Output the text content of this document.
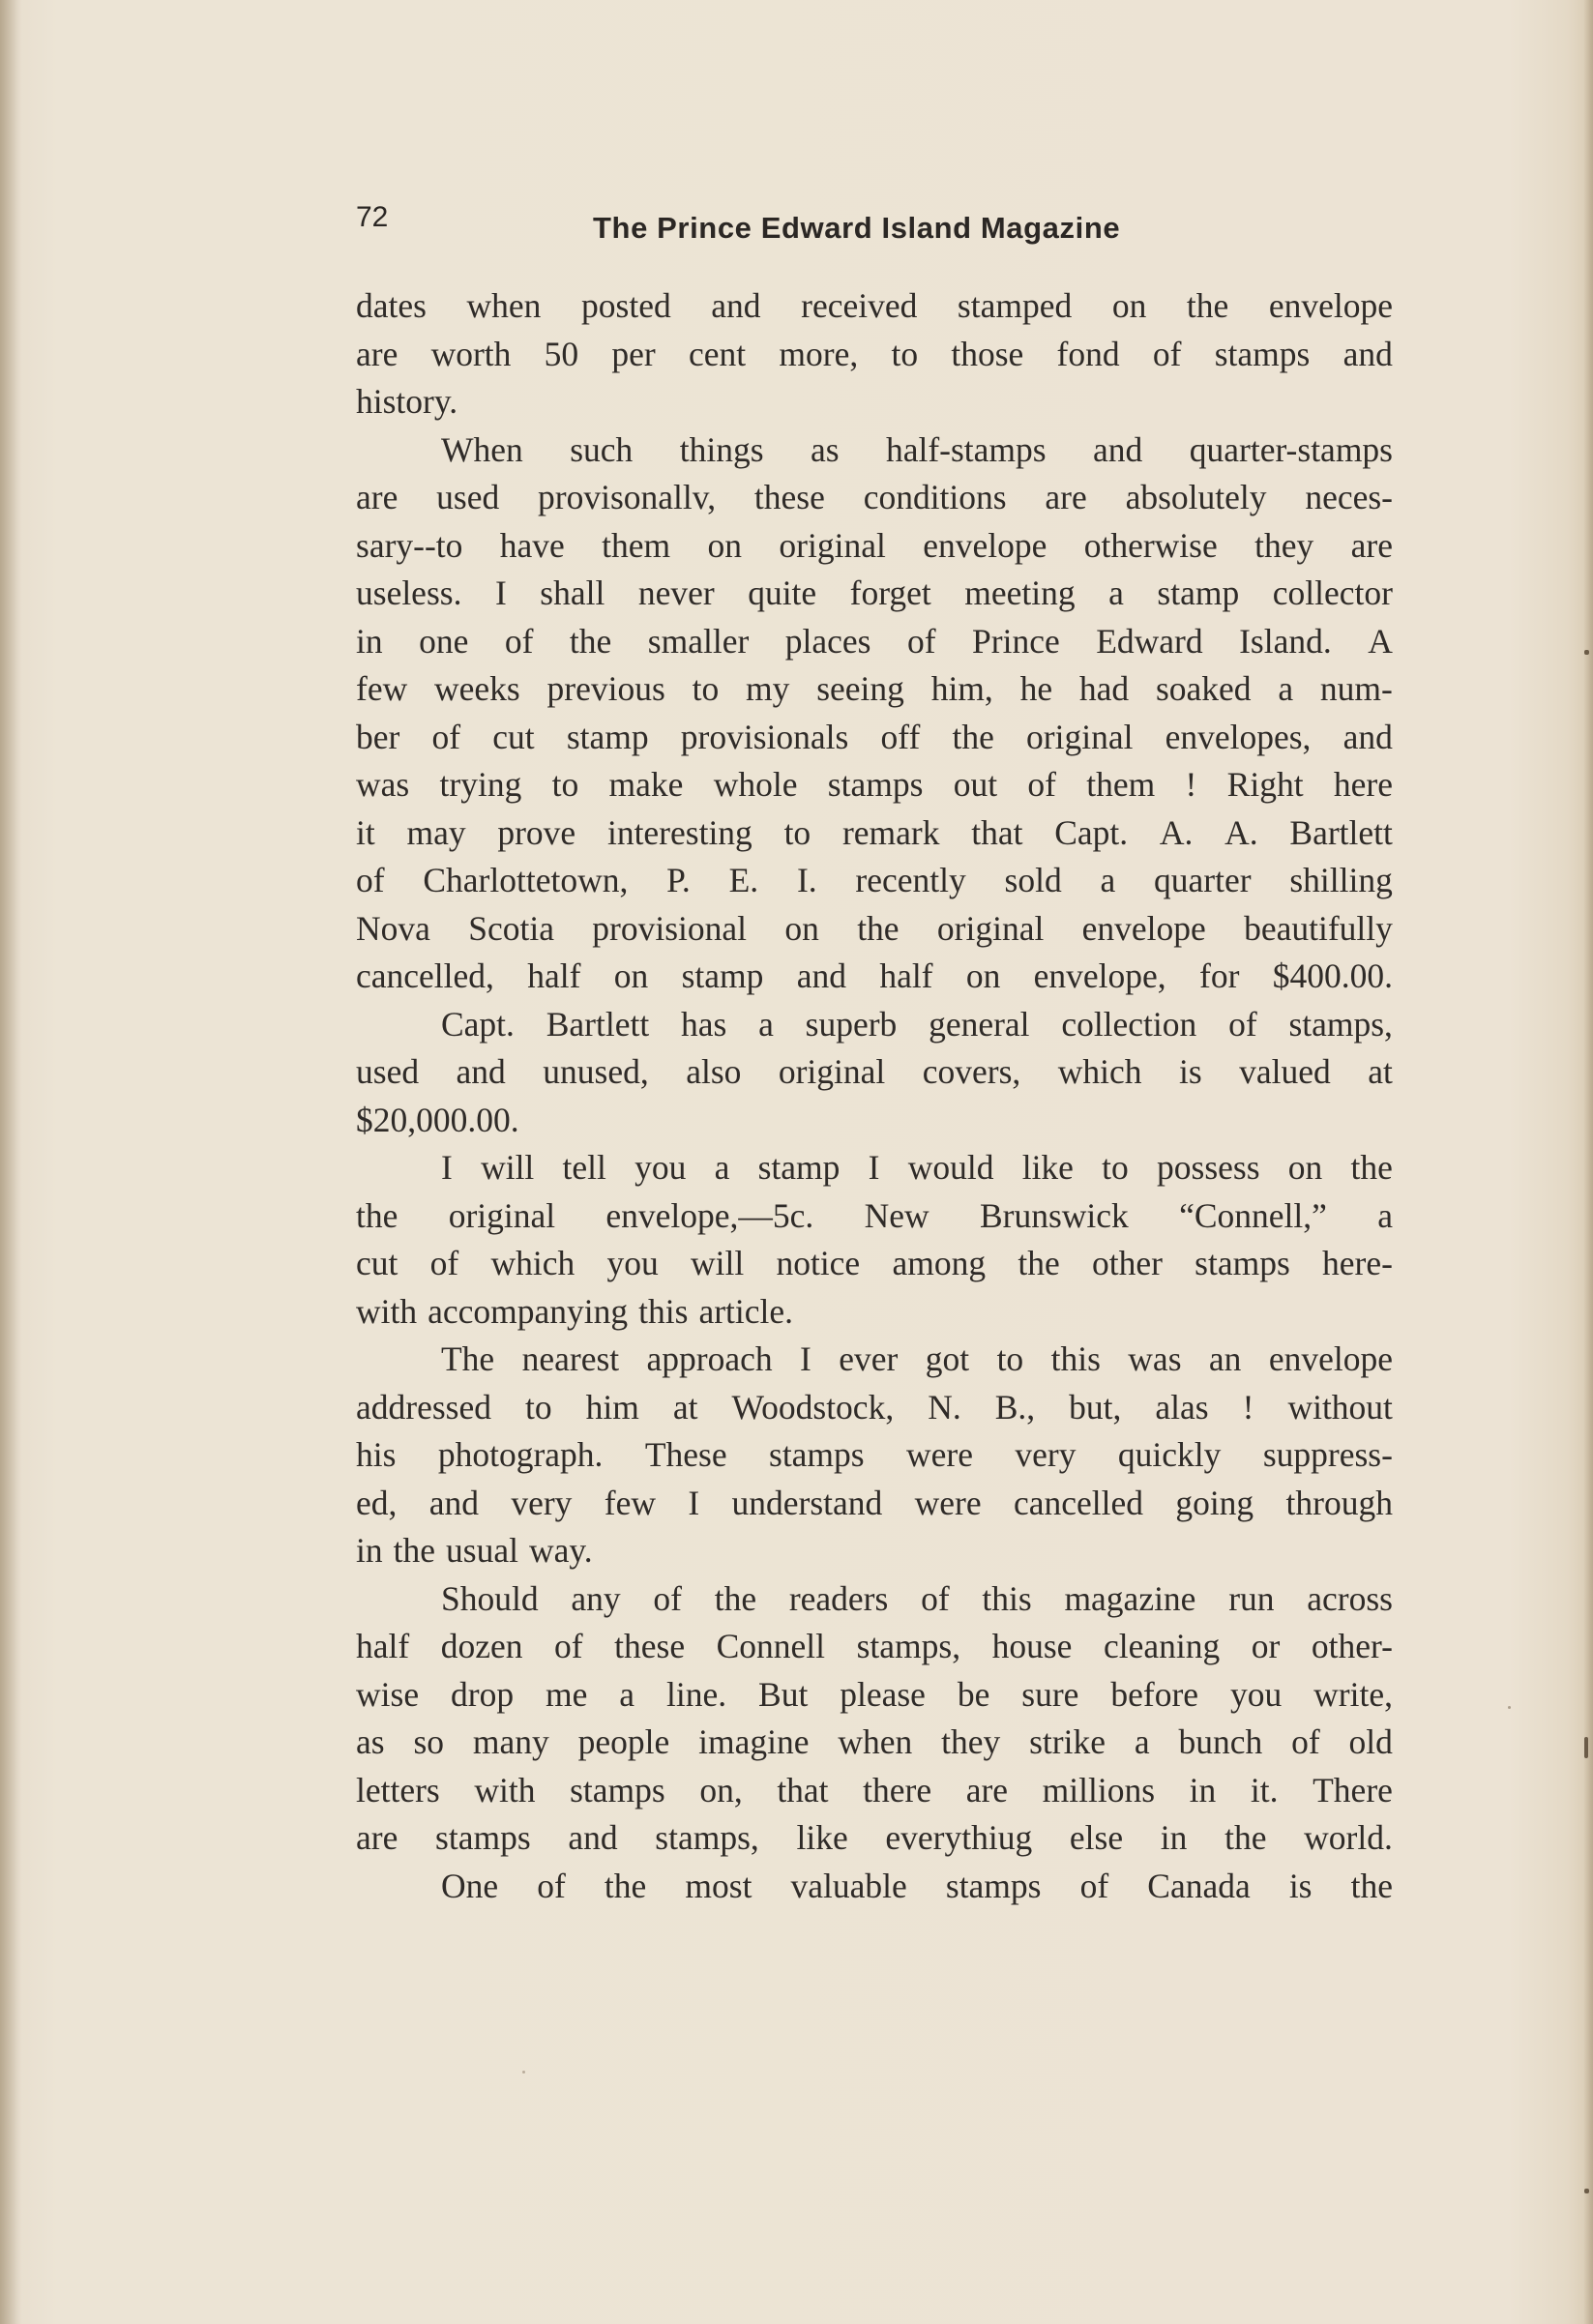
72	The Prince Edward Island Magazine
dates when posted and received stamped on the envelope
are worth 50 per cent more, to those fond of stamps and
history.
When such things as half-stamps and quarter-stamps
are used provisonallv, these conditions are absolutely neces-
sary--to have them on original envelope otherwise they are
useless. I shall never quite forget meeting a stamp collector
in one of the smaller places of Prince Edward Island. A
few weeks previous to my seeing him, he had soaked a num-
ber of cut stamp provisionals off the original envelopes, and
was trying to make whole stamps out of them ! Right here
it may prove interesting to remark that Capt. A. A. Bartlett
of Charlottetown, P. E. I. recently sold a quarter shilling
Nova Scotia provisional on the original envelope beautifully
cancelled, half on stamp and half on envelope, for $400.00.
Capt. Bartlett has a superb general collection of stamps,
used and unused, also original covers, which is valued at
$20,000.00.
I will tell you a stamp I would like to possess on the
the original envelope,—5c. New Brunswick “Connell,” a
cut of which you will notice among the other stamps here-
with accompanying this article.
The nearest approach I ever got to this was an envelope
addressed to him at Woodstock, N. B., but, alas ! without
his photograph. These stamps were very quickly suppress-
ed, and very few I understand were cancelled going through
in the usual way.
Should any of the readers of this magazine run across
half dozen of these Connell stamps, house cleaning or other-
wise drop me a line. But please be sure before you write,
as so many people imagine when they strike a bunch of old
letters with stamps on, that there are millions in it. There
are stamps and stamps, like everythiug else in the world.
One of the most valuable stamps of Canada is the
